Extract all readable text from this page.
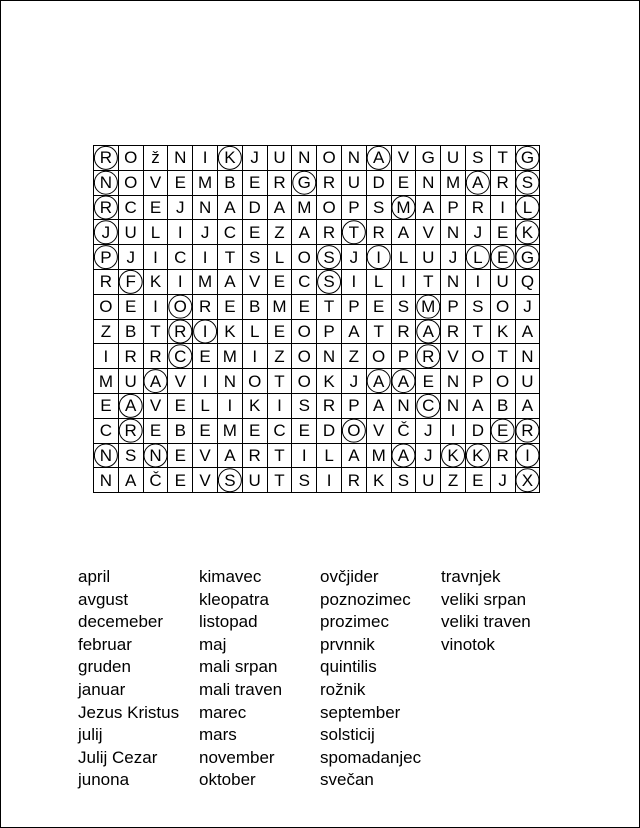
R	O	ž	N	I	K	J	U	N	O	N	A	V	G	U	S	T	G
N	O	V	E	M	B	E	R	G	R	U	D	E	N	M	A	R	S
R	C	E	J	N	A	D	A	M	O	P	S	M	A	P	R	I	L
J	U	L	I	J	C	E	Z	A	R	T	R	A	V	N	J	E	K
P	J	I	C	I	T	S	L	O	S	J	I	L	U	J	L	E	G
R	F	K	I	M	A	V	E	C	S	I	L	I	T	N	I	U	Q
O	E	I	O	R	E	B	M	E	T	P	E	S	M	P	S	O	J
Z	B	T	R	I	K	L	E	O	P	A	T	R	A	R	T	K	A
I	R	R	C	E	M	I	Z	O	N	Z	O	P	R	V	O	T	N
M	U	A	V	I	N	O	T	O	K	J	A	A	E	N	P	O	U
E	A	V	E	L	I	K	I	S	R	P	A	N	C	N	A	B	A
C	R	E	B	E	M	E	C	E	D	O	V	Č	J	I	D	E	R
N	S	N	E	V	A	R	T	I	L	A	M	A	J	K	K	R	I
N	A	Č	E	V	S	U	T	S	I	R	K	S	U	Z	E	J	X
april
avgust
decemeber
februar
gruden
januar
Jezus Kristus
julij
Julij Cezar
junona
kimavec
kleopatra
listopad
maj
mali srpan
mali traven
marec
mars
november
oktober
ovčjider
poznozimec
prozimec
prvnnik
quintilis
rožnik
september
solsticij
spomadanjec
svečan
travnjek
veliki srpan
veliki traven
vinotok
